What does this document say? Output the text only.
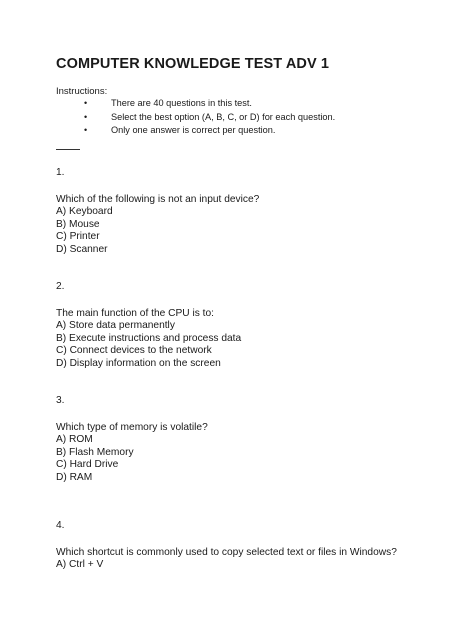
COMPUTER KNOWLEDGE TEST ADV 1
Instructions:
•	There are 40 questions in this test.
•	Select the best option (A, B, C, or D) for each question.
•	Only one answer is correct per question.
1.
Which of the following is not an input device?
A) Keyboard
B) Mouse
C) Printer
D) Scanner
2.
The main function of the CPU is to:
A) Store data permanently
B) Execute instructions and process data
C) Connect devices to the network
D) Display information on the screen
3.
Which type of memory is volatile?
A) ROM
B) Flash Memory
C) Hard Drive
D) RAM
4.
Which shortcut is commonly used to copy selected text or files in Windows?
A) Ctrl + V
